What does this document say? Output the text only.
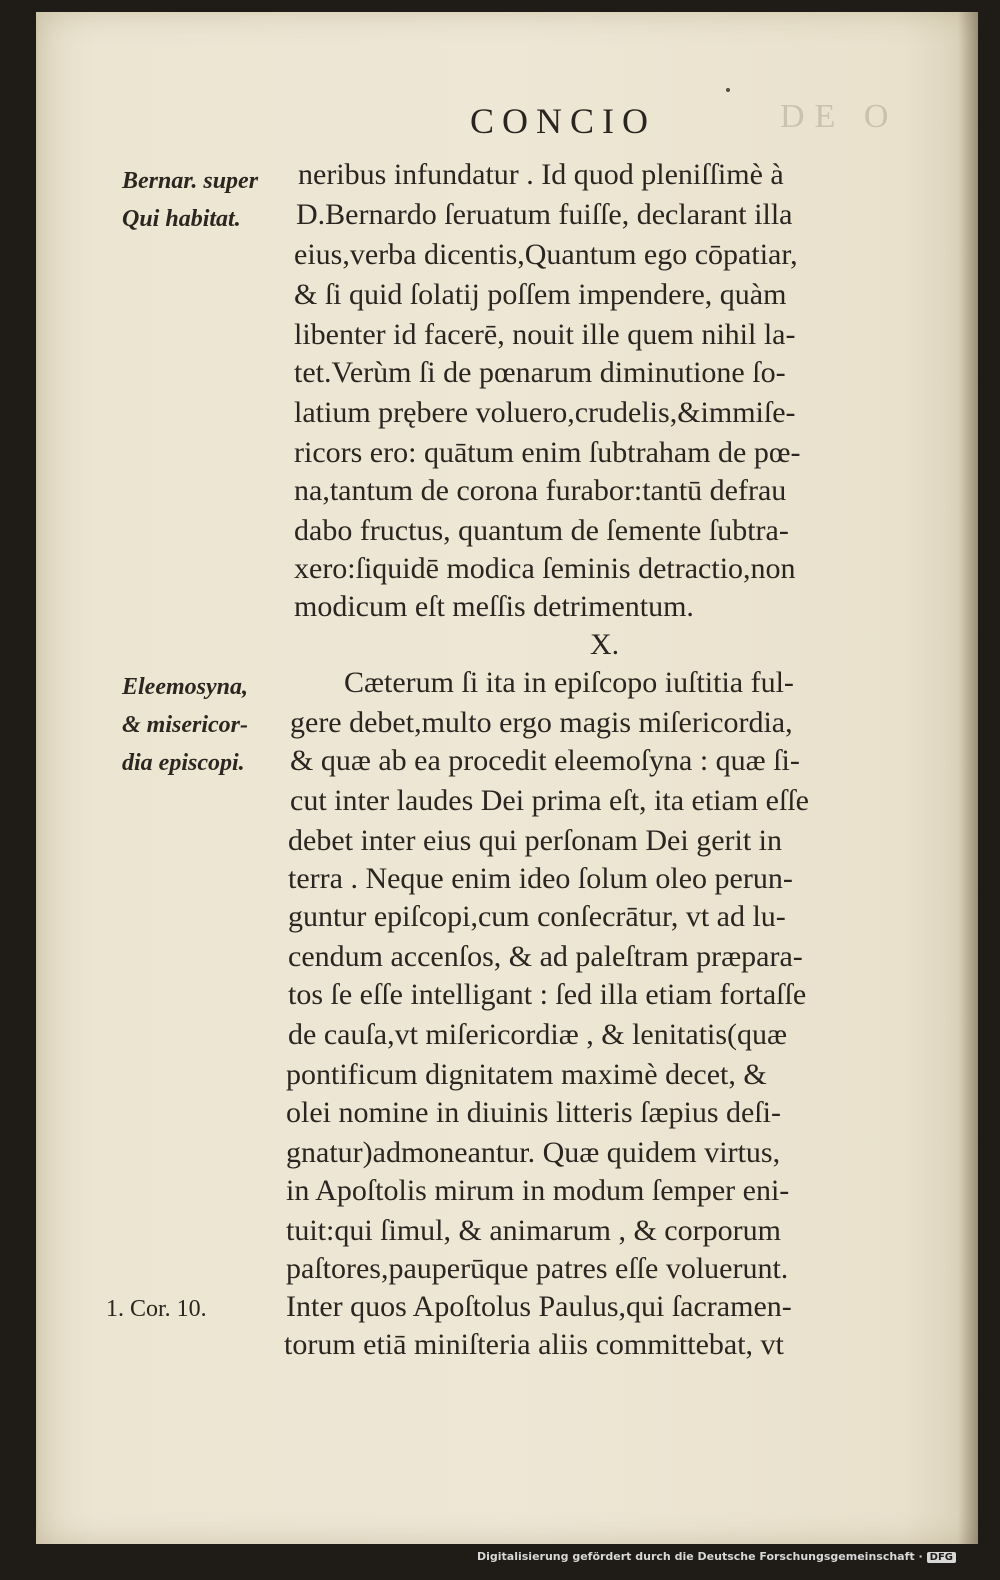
DE O
CONCIO
Bernar. super
Qui habitat.
Eleemosyna,
& misericor-
dia episcopi.
1. Cor. 10.
neribus infundatur . Id quod pleniſſimè à
D.Bernardo ſeruatum fuiſſe, declarant illa
eius,verba dicentis,Quantum ego cōpatiar,
& ſi quid ſolatij poſſem impendere, quàm
libenter id facerē, nouit ille quem nihil la-
tet.Verùm ſi de pœnarum diminutione ſo-
latium prębere voluero,crudelis,&immiſe-
ricors ero: quātum enim ſubtraham de pœ-
na,tantum de corona furabor:tantū defrau
dabo fructus, quantum de ſemente ſubtra-
xero:ſiquidē modica ſeminis detractio,non
modicum eſt meſſis detrimentum.
X.
Cæterum ſi ita in epiſcopo iuſtitia ful-
gere debet,multo ergo magis miſericordia,
& quæ ab ea procedit eleemoſyna : quæ ſi-
cut inter laudes Dei prima eſt, ita etiam eſſe
debet inter eius qui perſonam Dei gerit in
terra . Neque enim ideo ſolum oleo perun-
guntur epiſcopi,cum conſecrātur, vt ad lu-
cendum accenſos, & ad paleſtram præpara-
tos ſe eſſe intelligant : ſed illa etiam fortaſſe
de cauſa,vt miſericordiæ , & lenitatis(quæ
pontificum dignitatem maximè decet, &
olei nomine in diuinis litteris ſæpius deſi-
gnatur)admoneantur. Quæ quidem virtus,
in Apoſtolis mirum in modum ſemper eni-
tuit:qui ſimul, & animarum , & corporum
paſtores,pauperūque patres eſſe voluerunt.
Inter quos Apoſtolus Paulus,qui ſacramen-
torum etiā miniſteria aliis committebat, vt
Digitalisierung gefördert durch die Deutsche Forschungsgemeinschaft · DFG
